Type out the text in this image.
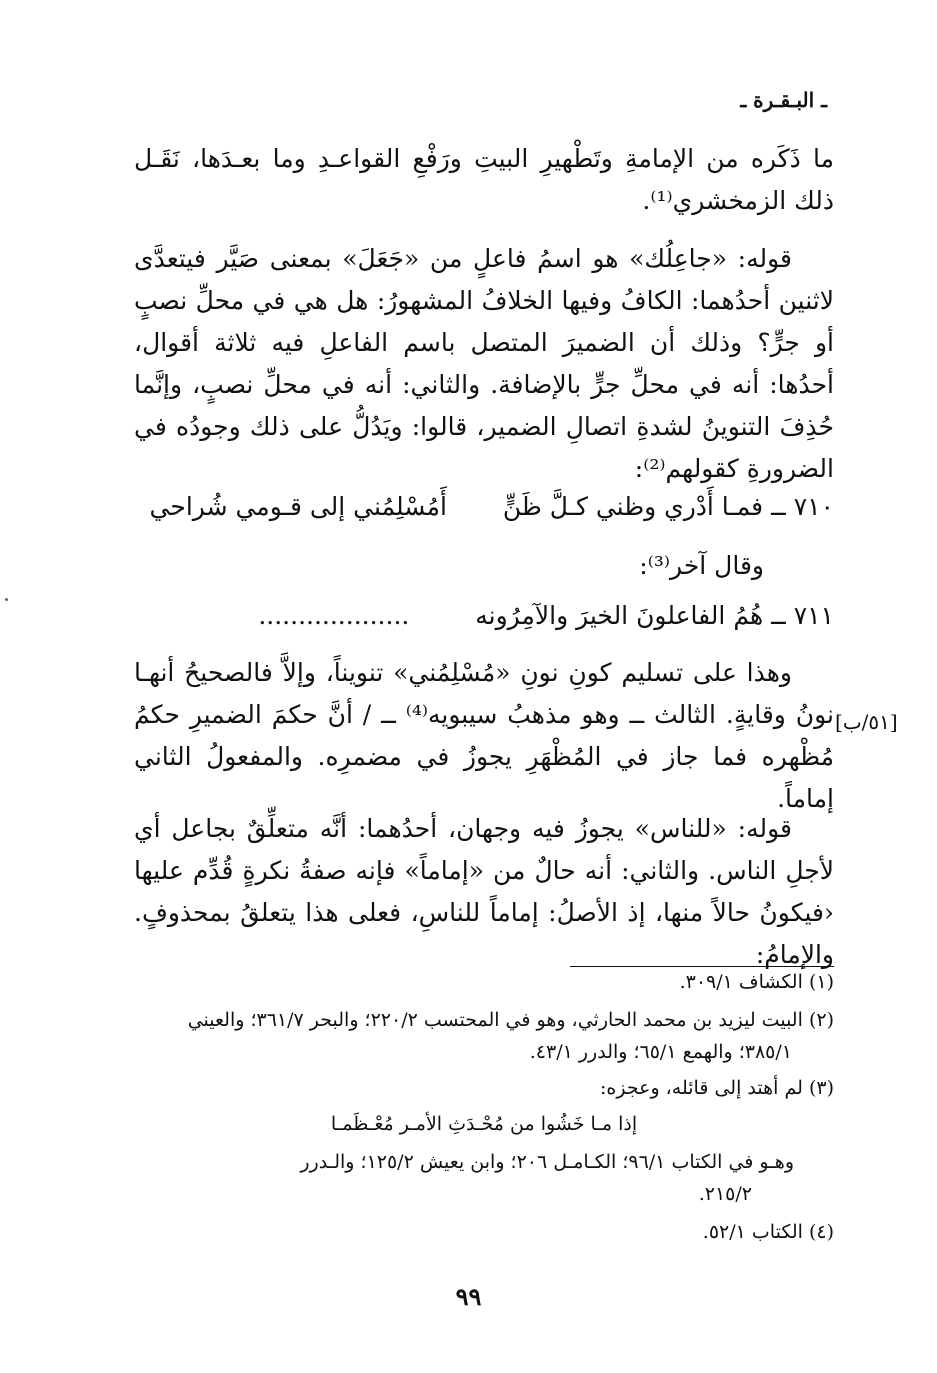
ـ البـقـرة ـ

ما ذَكَره من الإمامةِ وتَطْهيرِ البيتِ ورَفْعِ القواعـدِ وما بعـدَها، نَقَـل ذلك الزمخشري⁽¹⁾.

قوله: «جاعِلُك» هو اسمُ فاعلٍ من «جَعَلَ» بمعنى صَيَّر فيتعدَّى لاثنين أحدُهما: الكافُ وفيها الخلافُ المشهورُ: هل هي في محلِّ نصبٍ أو جرٍّ؟ وذلك أن الضميرَ المتصل باسم الفاعلِ فيه ثلاثة أقوال، أحدُها: أنه في محلِّ جرٍّ بالإضافة. والثاني: أنه في محلِّ نصبٍ، وإنَّما حُذِفَ التنوينُ لشدةِ اتصالِ الضمير، قالوا: ويَدُلُّ على ذلك وجودُه في الضرورةِ كقولهم⁽²⁾:

٧١٠ ــ فمـا أَدْري وظني كـلَّ ظَنٍّ  أَمُسْلِمُني إلى قـومي شُراحي
وقال آخر⁽³⁾:
٧١١ ــ هُمُ الفاعلونَ الخيرَ والآمِرُونه  ...................
[٥١/ب]

وهذا على تسليم كونِ نونِ «مُسْلِمُني» تنويناً، وإلاَّ فالصحيحُ أنهـا نونُ وقايةٍ. الثالث ــ وهو مذهبُ سيبويه⁽⁴⁾ ــ / أنَّ حكمَ الضميرِ حكمُ مُظْهره فما جاز في المُظْهَرِ يجوزُ في مضمرِه. والمفعولُ الثاني إماماً.

قوله: «للناس» يجوزُ فيه وجهان، أحدُهما: أنَّه متعلِّقٌ بجاعل أي لأجلِ الناس. والثاني: أنه حالٌ من «إماماً» فإنه صفةُ نكرةٍ قُدِّم عليها ‹فيكونُ حالاً منها، إذ الأصلُ: إماماً للناسِ، فعلى هذا يتعلقُ بمحذوفٍ. والإمامُ:

(١) الكشاف ٣٠٩/١.
(٢) البيت ليزيد بن محمد الحارثي، وهو في المحتسب ٢٢٠/٢؛ والبحر ٣٦١/٧؛ والعيني
٣٨٥/١؛ والهمع ٦٥/١؛ والدرر ٤٣/١.
(٣) لم أهتد إلى قائله، وعجزه:
إذا مـا خَشُوا من مُحْـدَثِ الأمـر مُعْـظَمـا
وهـو في الكتاب ٩٦/١؛ الكـامـل ٢٠٦؛ وابن يعيش ١٢٥/٢؛ والـدرر
٢١٥/٢.
(٤) الكتاب ٥٢/١.
٩٩
